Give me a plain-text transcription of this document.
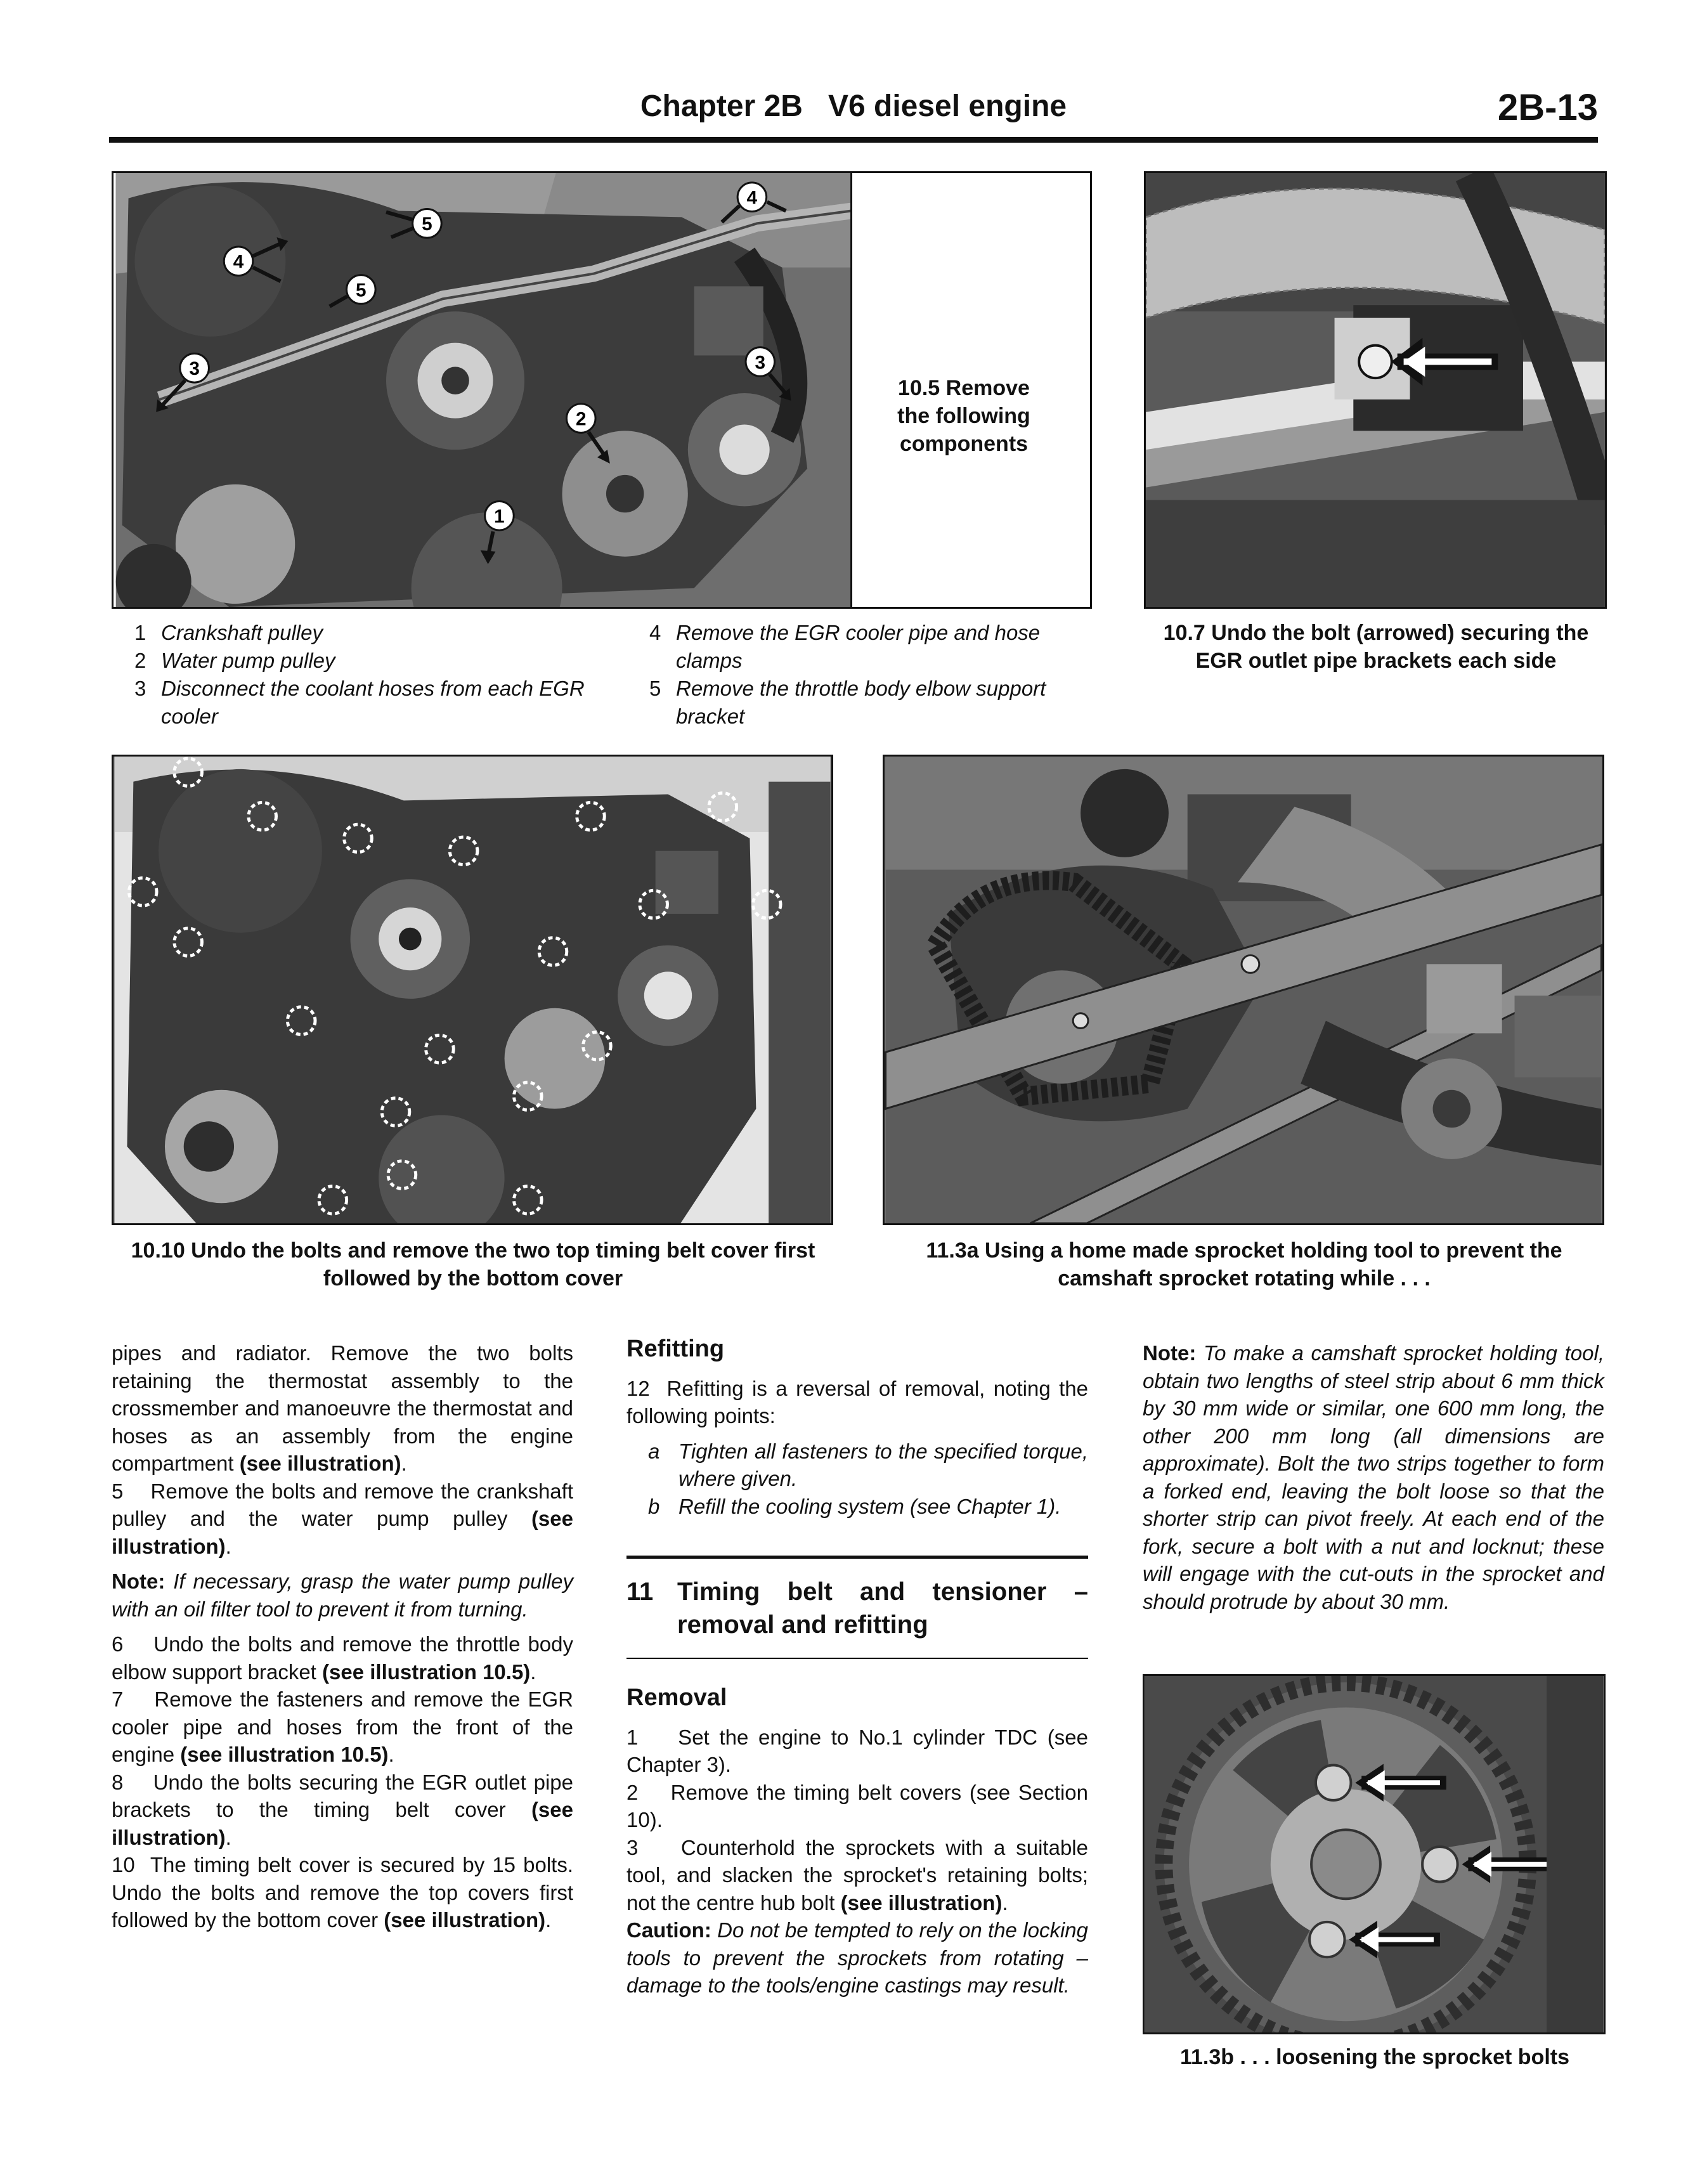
Chapter 2B V6 diesel engine	2B-13
1
2
3	3
4
4
5
5
10.5 Remove
the following
components
1 Crankshaft pulley
2 Water pump pulley
3 Disconnect the coolant hoses from each EGR cooler
4 Remove the EGR cooler pipe and hose clamps
5 Remove the throttle body elbow support bracket
10.7 Undo the bolt (arrowed) securing the EGR outlet pipe brackets each side
10.10 Undo the bolts and remove the two top timing belt cover first followed by the bottom cover
11.3a Using a home made sprocket holding tool to prevent the camshaft sprocket rotating while . . .

pipes and radiator. Remove the two bolts retaining the thermostat assembly to the crossmember and manoeuvre the thermostat and hoses as an assembly from the engine compartment (see illustration).

5    Remove the bolts and remove the crankshaft pulley and the water pump pulley (see illustration).

Note: If necessary, grasp the water pump pulley with an oil filter tool to prevent it from turning.

6    Undo the bolts and remove the throttle body elbow support bracket (see illustration 10.5).

7    Remove the fasteners and remove the EGR cooler pipe and hoses from the front of the engine (see illustration 10.5).

8    Undo the bolts securing the EGR outlet pipe brackets to the timing belt cover (see illustration).

10  The timing belt cover is secured by 15 bolts. Undo the bolts and remove the top covers first followed by the bottom cover (see illustration).

Refitting

12  Refitting is a reversal of removal, noting the following points:

a Tighten all fasteners to the specified torque, where given.
b Refill the cooling system (see Chapter 1).
11 Timing belt and tensioner – removal and refitting
Removal

1    Set the engine to No.1 cylinder TDC (see Chapter 3).

2    Remove the timing belt covers (see Section 10).

3    Counterhold the sprockets with a suitable tool, and slacken the sprocket's retaining bolts; not the centre hub bolt (see illustration).

Caution: Do not be tempted to rely on the locking tools to prevent the sprockets from rotating – damage to the tools/engine castings may result.

Note: To make a camshaft sprocket holding tool, obtain two lengths of steel strip about 6 mm thick by 30 mm wide or similar, one 600 mm long, the other 200 mm long (all dimensions are approximate). Bolt the two strips together to form a forked end, leaving the bolt loose so that the shorter strip can pivot freely. At each end of the fork, secure a bolt with a nut and locknut; these will engage with the cut-outs in the sprocket and should protrude by about 30 mm.

11.3b . . . loosening the sprocket bolts
